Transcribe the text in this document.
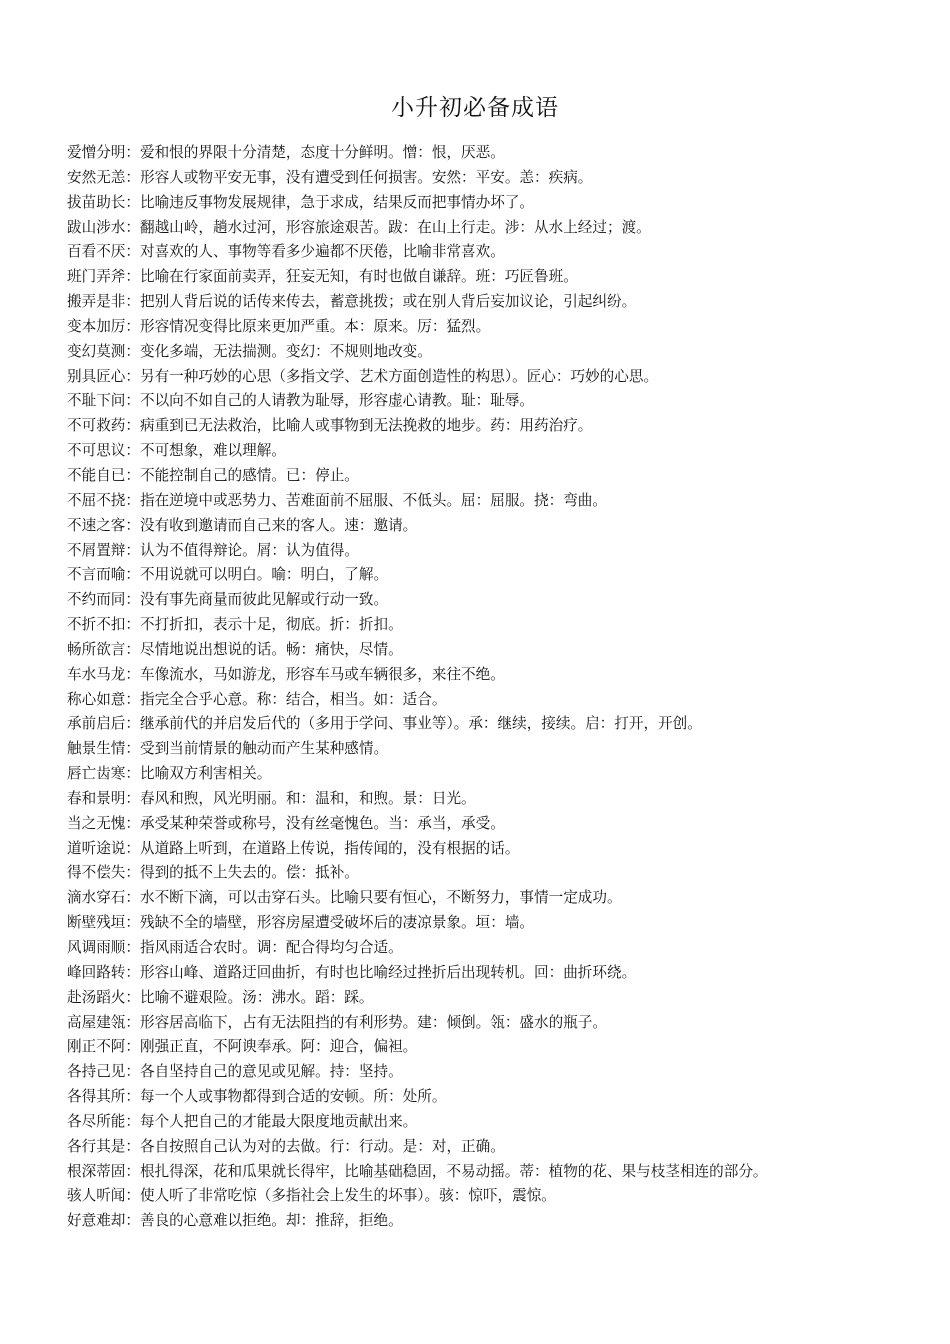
小升初必备成语
爱憎分明：爱和恨的界限十分清楚，态度十分鲜明。憎：恨，厌恶。
安然无恙：形容人或物平安无事，没有遭受到任何损害。安然：平安。恙：疾病。
拔苗助长：比喻违反事物发展规律，急于求成，结果反而把事情办坏了。
跋山涉水：翻越山岭，趟水过河，形容旅途艰苦。跋：在山上行走。涉：从水上经过；渡。
百看不厌：对喜欢的人、事物等看多少遍都不厌倦，比喻非常喜欢。
班门弄斧：比喻在行家面前卖弄，狂妄无知，有时也做自谦辞。班：巧匠鲁班。
搬弄是非：把别人背后说的话传来传去，蓄意挑拨；或在别人背后妄加议论，引起纠纷。
变本加厉：形容情况变得比原来更加严重。本：原来。厉：猛烈。
变幻莫测：变化多端，无法揣测。变幻：不规则地改变。
别具匠心：另有一种巧妙的心思（多指文学、艺术方面创造性的构思）。匠心：巧妙的心思。
不耻下问：不以向不如自己的人请教为耻辱，形容虚心请教。耻：耻辱。
不可救药：病重到已无法救治，比喻人或事物到无法挽救的地步。药：用药治疗。
不可思议：不可想象，难以理解。
不能自已：不能控制自己的感情。已：停止。
不屈不挠：指在逆境中或恶势力、苦难面前不屈服、不低头。屈：屈服。挠：弯曲。
不速之客：没有收到邀请而自己来的客人。速：邀请。
不屑置辩：认为不值得辩论。屑：认为值得。
不言而喻：不用说就可以明白。喻：明白，了解。
不约而同：没有事先商量而彼此见解或行动一致。
不折不扣：不打折扣，表示十足，彻底。折：折扣。
畅所欲言：尽情地说出想说的话。畅：痛快，尽情。
车水马龙：车像流水，马如游龙，形容车马或车辆很多，来往不绝。
称心如意：指完全合乎心意。称：结合，相当。如：适合。
承前启后：继承前代的并启发后代的（多用于学问、事业等）。承：继续，接续。启：打开，开创。
触景生情：受到当前情景的触动而产生某种感情。
唇亡齿寒：比喻双方利害相关。
春和景明：春风和煦，风光明丽。和：温和，和煦。景：日光。
当之无愧：承受某种荣誉或称号，没有丝毫愧色。当：承当，承受。
道听途说：从道路上听到，在道路上传说，指传闻的，没有根据的话。
得不偿失：得到的抵不上失去的。偿：抵补。
滴水穿石：水不断下滴，可以击穿石头。比喻只要有恒心，不断努力，事情一定成功。
断壁残垣：残缺不全的墙壁，形容房屋遭受破坏后的凄凉景象。垣：墙。
风调雨顺：指风雨适合农时。调：配合得均匀合适。
峰回路转：形容山峰、道路迂回曲折，有时也比喻经过挫折后出现转机。回：曲折环绕。
赴汤蹈火：比喻不避艰险。汤：沸水。蹈：踩。
高屋建瓴：形容居高临下，占有无法阻挡的有利形势。建：倾倒。瓴：盛水的瓶子。
刚正不阿：刚强正直，不阿谀奉承。阿：迎合，偏袒。
各持己见：各自坚持自己的意见或见解。持：坚持。
各得其所：每一个人或事物都得到合适的安顿。所：处所。
各尽所能：每个人把自己的才能最大限度地贡献出来。
各行其是：各自按照自己认为对的去做。行：行动。是：对，正确。
根深蒂固：根扎得深，花和瓜果就长得牢，比喻基础稳固，不易动摇。蒂：植物的花、果与枝茎相连的部分。
骇人听闻：使人听了非常吃惊（多指社会上发生的坏事）。骇：惊吓，震惊。
好意难却：善良的心意难以拒绝。却：推辞，拒绝。
